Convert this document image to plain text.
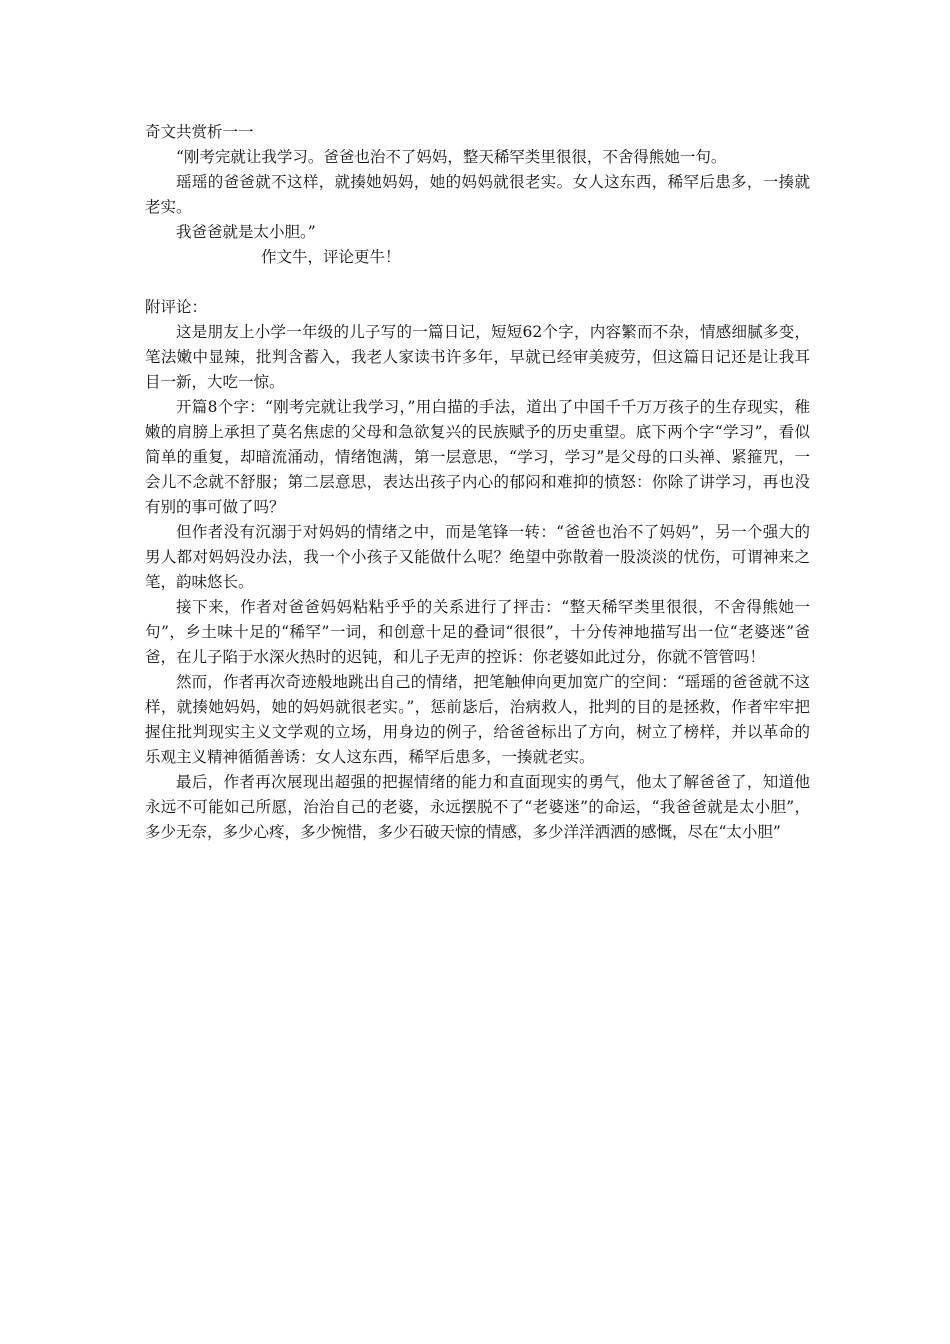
奇文共赏析一一

“刚考完就让我学习。爸爸也治不了妈妈，整天稀罕类里很很，不舍得熊她一句。

瑶瑶的爸爸就不这样，就揍她妈妈，她的妈妈就很老实。女人这东西，稀罕后患多，一揍就老实。

我爸爸就是太小胆。”

作文牛，评论更牛！

附评论：

这是朋友上小学一年级的儿子写的一篇日记，短短62个字，内容繁而不杂，情感细腻多变，笔法嫩中显辣，批判含蓄入，我老人家读书许多年，早就已经审美疲劳，但这篇日记还是让我耳目一新，大吃一惊。

开篇8个字：“刚考完就让我学习，”用白描的手法，道出了中国千千万万孩子的生存现实，稚嫩的肩膀上承担了莫名焦虑的父母和急欲复兴的民族赋予的历史重望。底下两个字“学习”，看似简单的重复，却暗流涌动，情绪饱满，第一层意思，“学习，学习”是父母的口头禅、紧箍咒，一会儿不念就不舒服；第二层意思，表达出孩子内心的郁闷和难抑的愤怒：你除了讲学习，再也没有别的事可做了吗？

但作者没有沉溺于对妈妈的情绪之中，而是笔锋一转：“爸爸也治不了妈妈”，另一个强大的男人都对妈妈没办法，我一个小孩子又能做什么呢？绝望中弥散着一股淡淡的忧伤，可谓神来之笔，韵味悠长。

接下来，作者对爸爸妈妈粘粘乎乎的关系进行了抨击：“整天稀罕类里很很，不舍得熊她一句”，乡土味十足的“稀罕”一词，和创意十足的叠词“很很”，十分传神地描写出一位“老婆迷”爸爸，在儿子陷于水深火热时的迟钝，和儿子无声的控诉：你老婆如此过分，你就不管管吗！

然而，作者再次奇迹般地跳出自己的情绪，把笔触伸向更加宽广的空间：“瑶瑶的爸爸就不这样，就揍她妈妈，她的妈妈就很老实。”，惩前毖后，治病救人，批判的目的是拯救，作者牢牢把握住批判现实主义文学观的立场，用身边的例子，给爸爸标出了方向，树立了榜样，并以革命的乐观主义精神循循善诱：女人这东西，稀罕后患多，一揍就老实。

最后，作者再次展现出超强的把握情绪的能力和直面现实的勇气，他太了解爸爸了，知道他永远不可能如己所愿，治治自己的老婆，永远摆脱不了“老婆迷”的命运，“我爸爸就是太小胆”，多少无奈，多少心疼，多少惋惜，多少石破天惊的情感，多少洋洋洒洒的感慨，尽在“太小胆”
